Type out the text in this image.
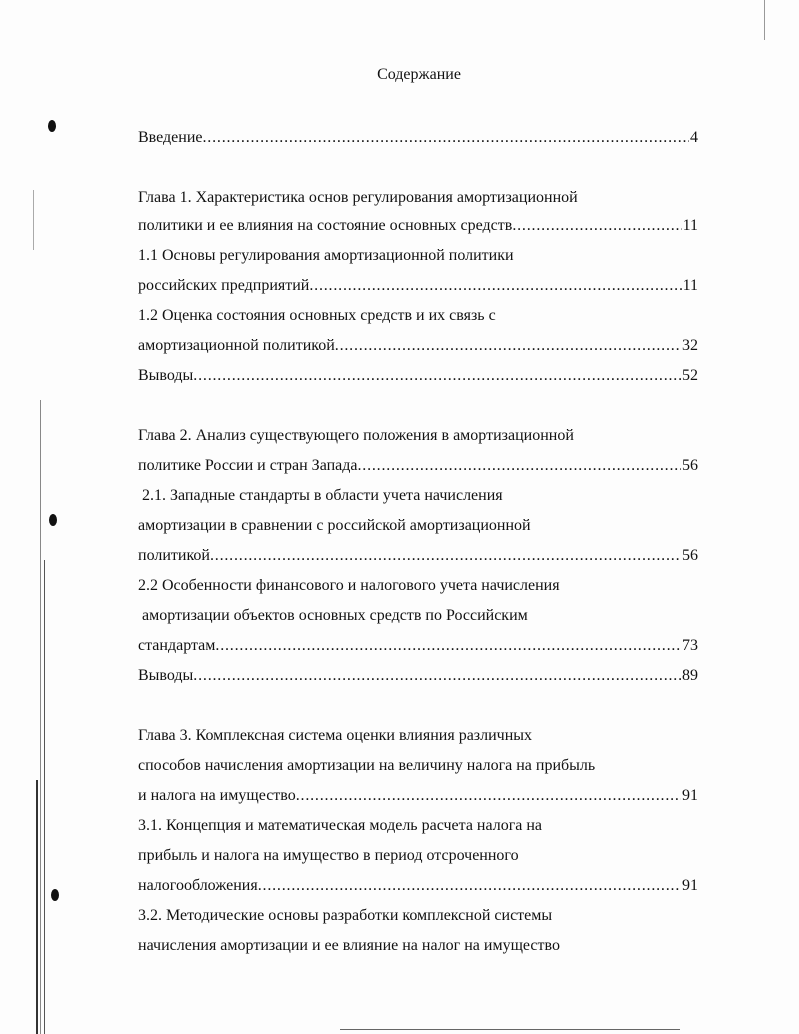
Содержание
Введение . . .	4
Глава 1. Характеристика основ регулирования амортизационной
политики и ее влияния на состояние основных средств . . .	11
1.1 Основы регулирования амортизационной политики
российских предприятий . . .	11
1.2 Оценка состояния основных средств и их связь с
амортизационной политикой . . .	32
Выводы . . .	52
Глава 2. Анализ существующего положения в амортизационной
политике России и стран Запада . . .	56
2.1. Западные стандарты в области учета начисления
амортизации в сравнении с российской амортизационной
политикой . . .	56
2.2 Особенности финансового и налогового учета начисления
амортизации объектов основных средств по Российским
стандартам . . .	73
Выводы . . .	89
Глава 3. Комплексная система оценки влияния различных
способов начисления амортизации на величину налога на прибыль
и налога на имущество . . .	91
3.1. Концепция и математическая модель расчета налога на
прибыль и налога на имущество в период отсроченного
налогообложения . . .	91
3.2. Методические основы разработки комплексной системы
начисления амортизации и ее влияние на налог на имущество
